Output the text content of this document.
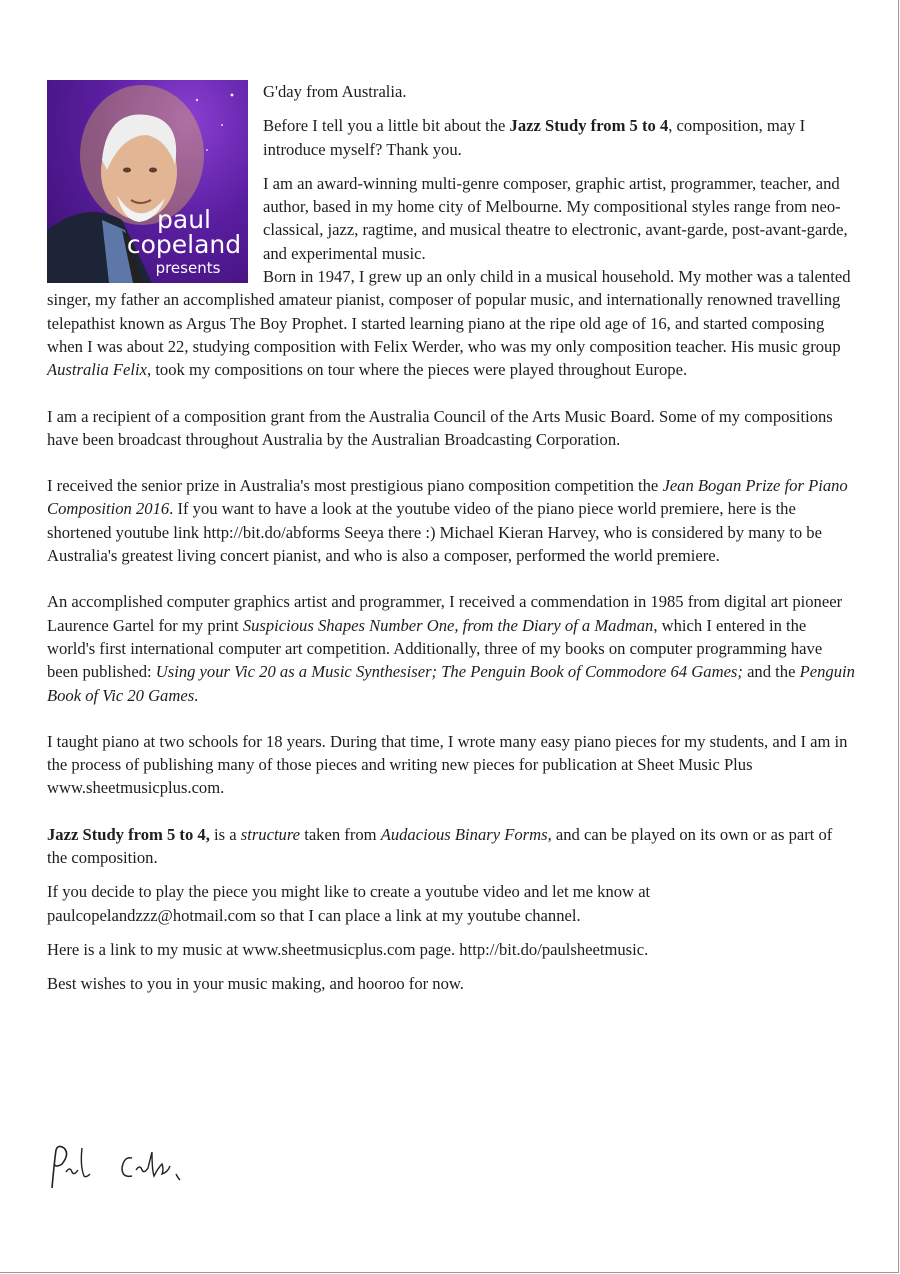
paul
copeland
presents

G'day from Australia.

Before I tell you a little bit about the Jazz Study from 5 to 4, composition, may I introduce myself? Thank you.

I am an award-winning multi-genre composer, graphic artist, programmer, teacher, and author, based in my home city of Melbourne. My compositional styles range from neo-classical, jazz, ragtime, and musical theatre to electronic, avant-garde, post-avant-garde, and experimental music.

Born in 1947, I grew up an only child in a musical household. My mother was a talented singer, my father an accomplished amateur pianist, composer of popular music, and internationally renowned travelling telepathist known as Argus The Boy Prophet. I started learning piano at the ripe old age of 16, and started composing when I was about 22, studying composition with Felix Werder, who was my only composition teacher. His music group Australia Felix, took my compositions on tour where the pieces were played throughout Europe.

I am a recipient of a composition grant from the Australia Council of the Arts Music Board. Some of my compositions have been broadcast throughout Australia by the Australian Broadcasting Corporation.

I received the senior prize in Australia's most prestigious piano composition competition the Jean Bogan Prize for Piano Composition 2016. If you want to have a look at the youtube video of the piano piece world premiere, here is the shortened youtube link http://bit.do/abforms Seeya there :) Michael Kieran Harvey, who is considered by many to be Australia's greatest living concert pianist, and who is also a composer, performed the world premiere.

An accomplished computer graphics artist and programmer, I received a commendation in 1985 from digital art pioneer Laurence Gartel for my print Suspicious Shapes Number One, from the Diary of a Madman, which I entered in the world's first international computer art competition. Additionally, three of my books on computer programming have been published: Using your Vic 20 as a Music Synthesiser; The Penguin Book of Commodore 64 Games; and the Penguin Book of Vic 20 Games.

I taught piano at two schools for 18 years. During that time, I wrote many easy piano pieces for my students, and I am in the process of publishing many of those pieces and writing new pieces for publication at Sheet Music Plus www.sheetmusicplus.com.

Jazz Study from 5 to 4, is a structure taken from Audacious Binary Forms, and can be played on its own or as part of the composition.

If you decide to play the piece you might like to create a youtube video and let me know at paulcopelandzzz@hotmail.com so that I can place a link at my youtube channel.

Here is a link to my music at www.sheetmusicplus.com page. http://bit.do/paulsheetmusic.

Best wishes to you in your music making, and hooroo for now.
